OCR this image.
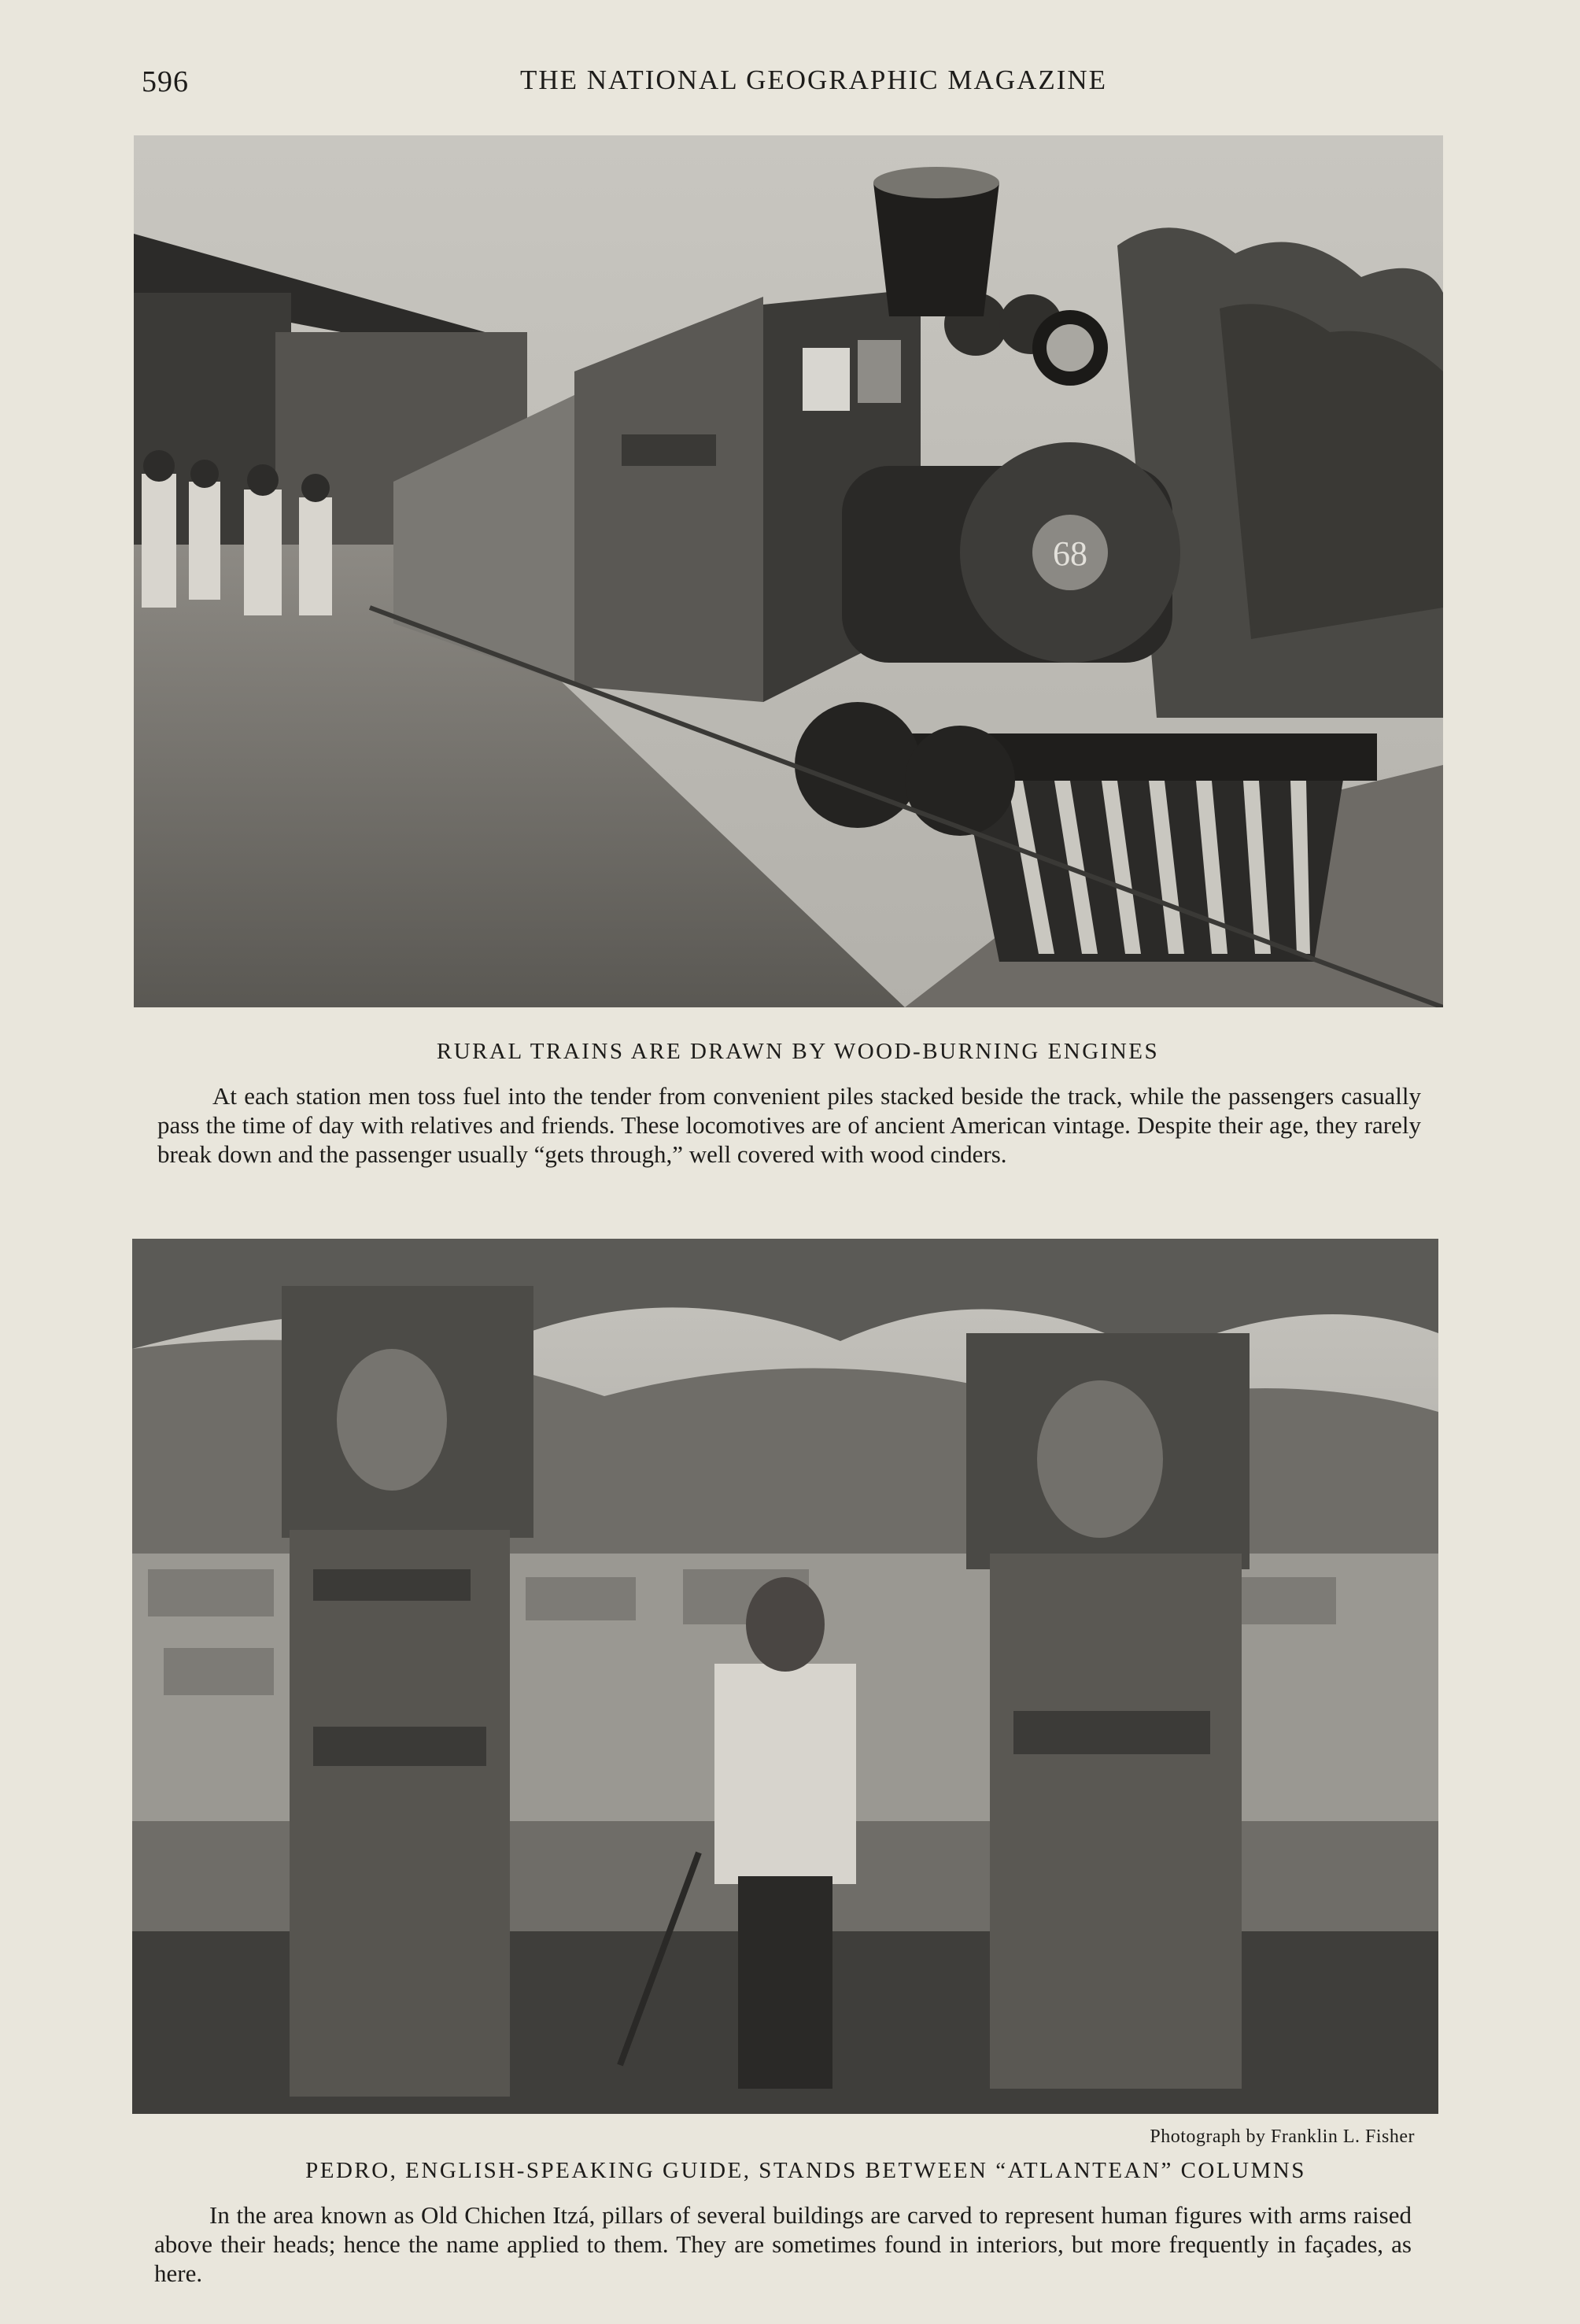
596	THE NATIONAL GEOGRAPHIC MAGAZINE
68
RURAL TRAINS ARE DRAWN BY WOOD-BURNING ENGINES
At each station men toss fuel into the tender from convenient piles stacked beside the track, while the passengers casually pass the time of day with relatives and friends. These locomotives are of ancient American vintage. Despite their age, they rarely break down and the passenger usually “gets through,” well covered with wood cinders.
Photograph by Franklin L. Fisher
PEDRO, ENGLISH-SPEAKING GUIDE, STANDS BETWEEN “ATLANTEAN” COLUMNS
In the area known as Old Chichen Itzá, pillars of several buildings are carved to represent human figures with arms raised above their heads; hence the name applied to them. They are sometimes found in interiors, but more frequently in façades, as here.
